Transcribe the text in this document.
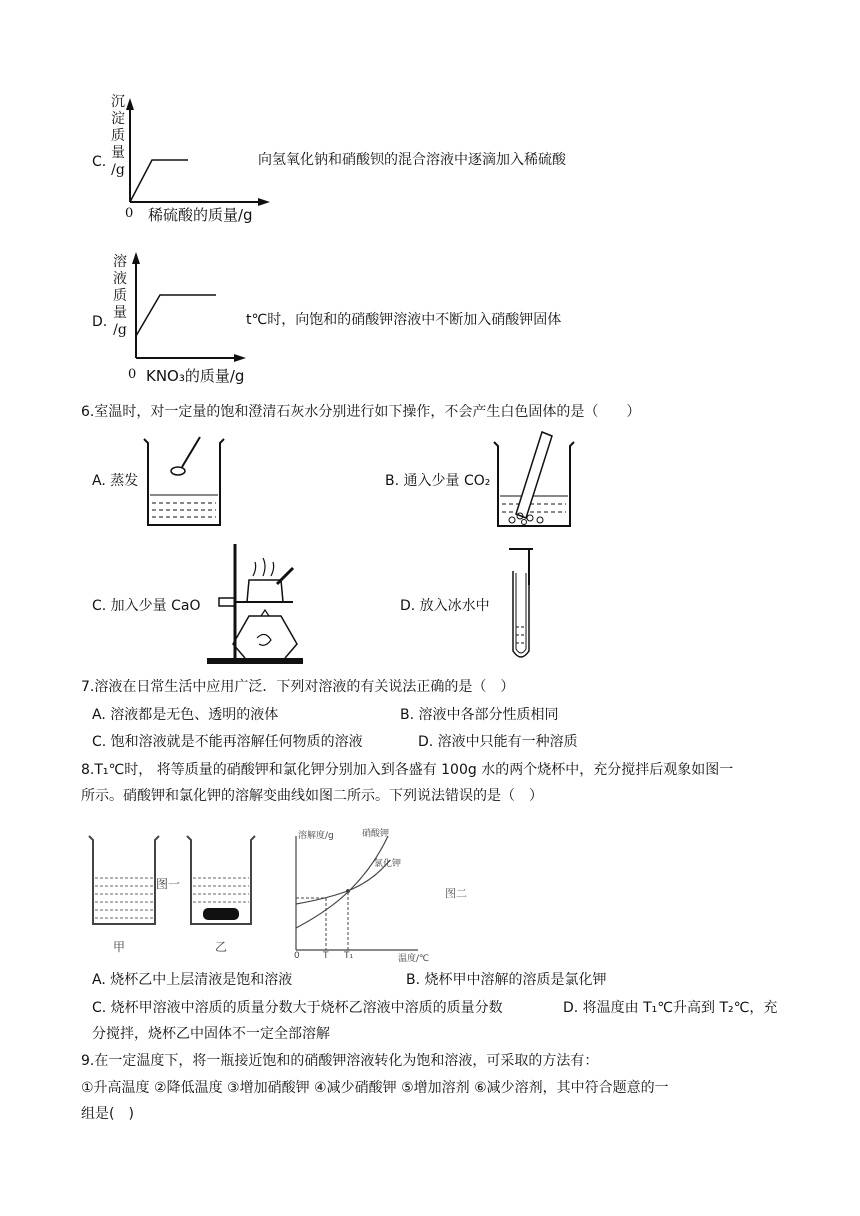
C.
沉
淀
质
量
/g
0 稀硫酸的质量/g
向氢氧化钠和硝酸钡的混合溶液中逐滴加入稀硫酸
D.
溶
液
质
量
/g
0 KNO₃的质量/g
t℃时，向饱和的硝酸钾溶液中不断加入硝酸钾固体
6.室温时，对一定量的饱和澄清石灰水分别进行如下操作，不会产生白色固体的是（　　）
A. 蒸发	B. 通入少量 CO₂
C. 加入少量 CaO	D. 放入冰水中
7.溶液在日常生活中应用广泛．下列对溶液的有关说法正确的是（　）
A. 溶液都是无色、透明的液体	B. 溶液中各部分性质相同
C. 饱和溶液就是不能再溶解任何物质的溶液	D. 溶液中只能有一种溶质
8.T₁℃时， 将等质量的硝酸钾和氯化钾分别加入到各盛有 100g 水的两个烧杯中，充分搅拌后观象如图一
所示。硝酸钾和氯化钾的溶解变曲线如图二所示。下列说法错误的是（　）
图一
甲	乙
溶解度/g	硝酸钾
氯化钾
温度/℃
0	T T₁
图二
A. 烧杯乙中上层清液是饱和溶液	B. 烧杯甲中溶解的溶质是氯化钾
C. 烧杯甲溶液中溶质的质量分数大于烧杯乙溶液中溶质的质量分数	D. 将温度由 T₁℃升高到 T₂℃，充
分搅拌，烧杯乙中固体不一定全部溶解
9.在一定温度下，将一瓶接近饱和的硝酸钾溶液转化为饱和溶液，可采取的方法有：
①升高温度 ②降低温度 ③增加硝酸钾 ④减少硝酸钾 ⑤增加溶剂 ⑥减少溶剂，其中符合题意的一
组是(　)
